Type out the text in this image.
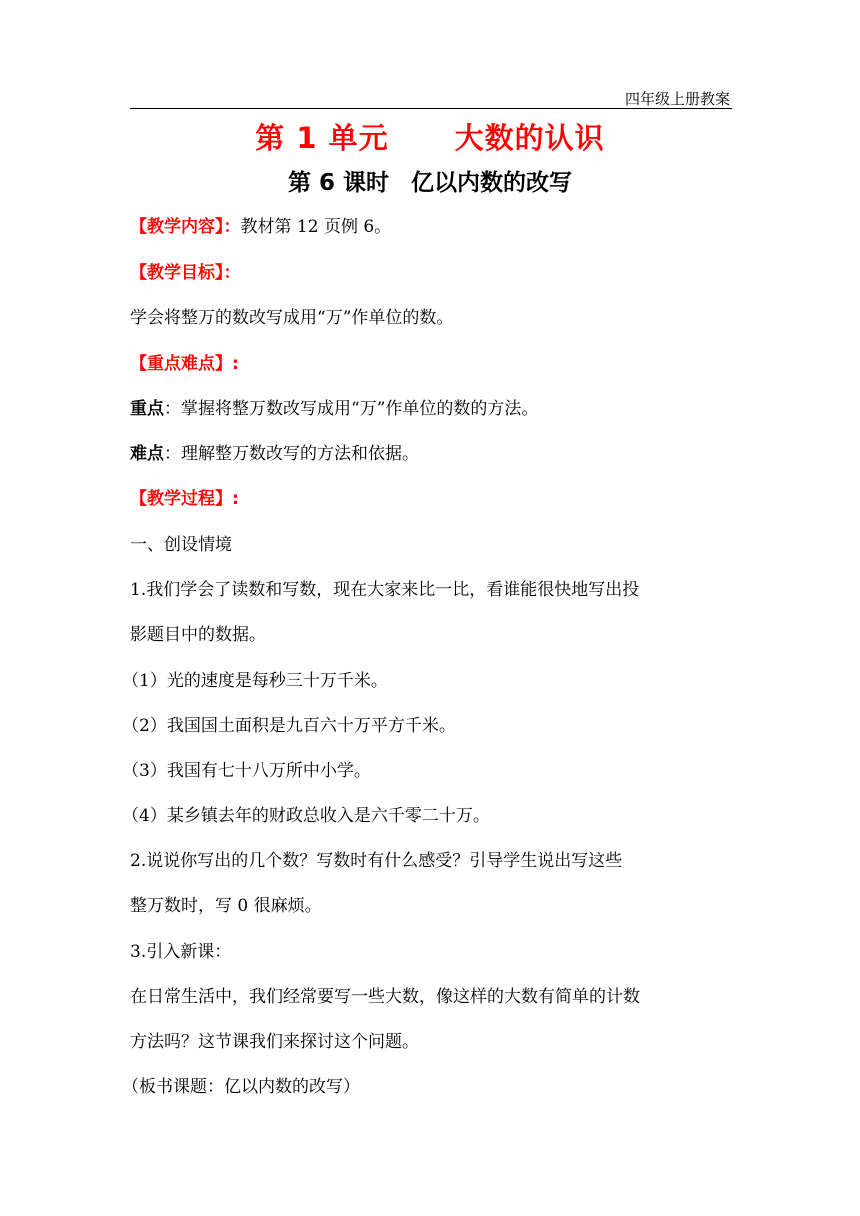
四年级上册教案
第 1 单元 大数的认识
第 6 课时 亿以内数的改写
【教学内容】：教材第 12 页例 6。
【教学目标】：
学会将整万的数改写成用“万”作单位的数。
【重点难点】:
重点：掌握将整万数改写成用“万”作单位的数的方法。
难点：理解整万数改写的方法和依据。
【教学过程】:
一、创设情境
1.我们学会了读数和写数，现在大家来比一比，看谁能很快地写出投
影题目中的数据。
（1）光的速度是每秒三十万千米。
（2）我国国土面积是九百六十万平方千米。
（3）我国有七十八万所中小学。
（4）某乡镇去年的财政总收入是六千零二十万。
2.说说你写出的几个数？写数时有什么感受？引导学生说出写这些
整万数时，写 0 很麻烦。
3.引入新课：
在日常生活中，我们经常要写一些大数，像这样的大数有简单的计数
方法吗？这节课我们来探讨这个问题。
（板书课题：亿以内数的改写）
